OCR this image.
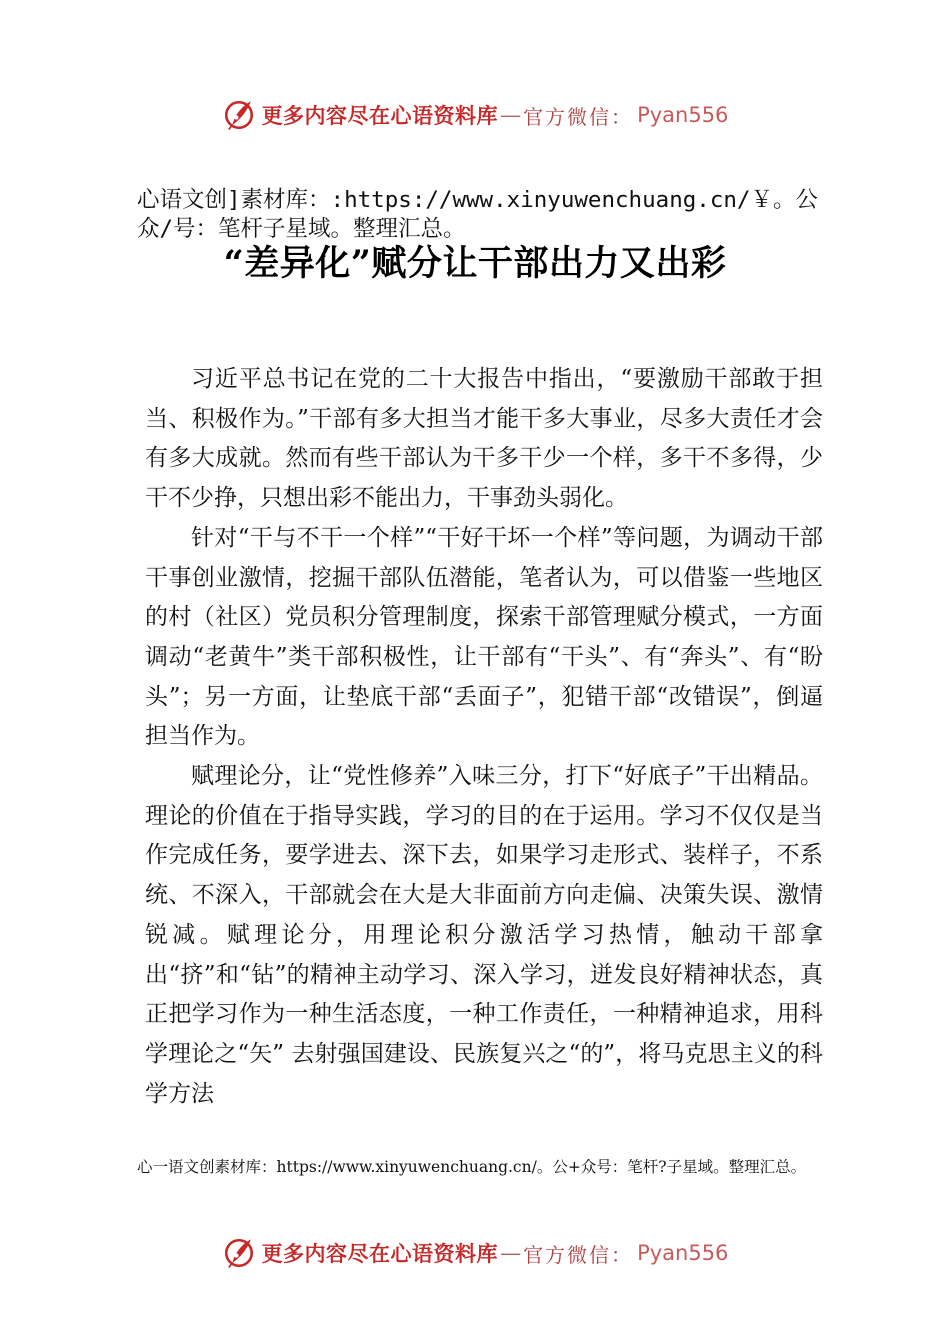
更多内容尽在心语资料库 — 官方微信： Pyan556
心语文创]素材库：:https://www.xinyuwenchuang.cn/￥。公众/号：笔杆子星域。整理汇总。
“差异化”赋分让干部出力又出彩

习近平总书记在党的二十大报告中指出，“要激励干部敢于担当、积极作为。”干部有多大担当才能干多大事业，尽多大责任才会有多大成就。然而有些干部认为干多干少一个样，多干不多得，少干不少挣，只想出彩不能出力，干事劲头弱化。

针对“干与不干一个样”“干好干坏一个样”等问题，为调动干部干事创业激情，挖掘干部队伍潜能，笔者认为，可以借鉴一些地区的村（社区）党员积分管理制度，探索干部管理赋分模式，一方面调动“老黄牛”类干部积极性，让干部有“干头”、有“奔头”、有“盼头”；另一方面，让垫底干部“丢面子”，犯错干部“改错误”，倒逼担当作为。

赋理论分，让“党性修养”入味三分，打下“好底子”干出精品。理论的价值在于指导实践，学习的目的在于运用。学习不仅仅是当作完成任务，要学进去、深下去，如果学习走形式、装样子，不系统、不深入，干部就会在大是大非面前方向走偏、决策失误、激情锐减。赋理论分，用理论积分激活学习热情，触动干部拿出“挤”和“钻”的精神主动学习、深入学习，迸发良好精神状态，真正把学习作为一种生活态度，一种工作责任，一种精神追求，用科学理论之“矢” 去射强国建设、民族复兴之“的”，将马克思主义的科学方法

心一语文创素材库：https://www.xinyuwenchuang.cn/。公+众号：笔杆?子星域。整理汇总。
更多内容尽在心语资料库 — 官方微信： Pyan556
